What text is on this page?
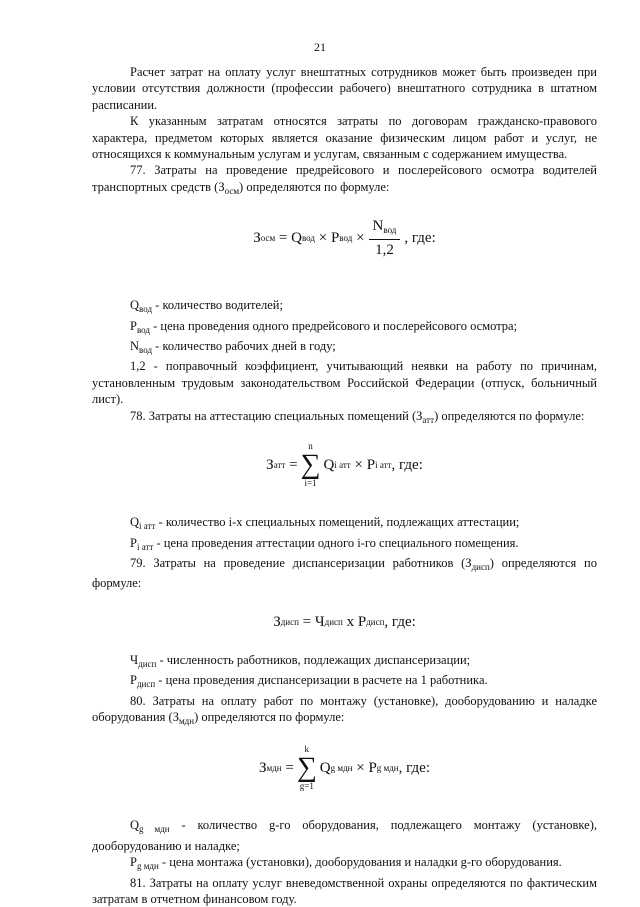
21

Расчет затрат на оплату услуг внештатных сотрудников может быть произведен при условии отсутствия должности (профессии рабочего) внештатного сотрудника в штатном расписании.

К указанным затратам относятся затраты по договорам гражданско-правового характера, предметом которых является оказание физическим лицом работ и услуг, не относящихся к коммунальным услугам и услугам, связанным с содержанием имущества.

77. Затраты на проведение предрейсового и послерейсового осмотра водителей транспортных средств $(З_{осм})$ определяются по формуле:

З осм
=
Q вод
×
P вод
× $\frac{N_{вод}}{1,2}$ , где:

$Q_{вод}$ - количество водителей;

$P_{вод}$ - цена проведения одного предрейсового и послерейсового осмотра;

$N_{вод}$ - количество рабочих дней в году;

1,2 - поправочный коэффициент, учитывающий неявки на работу по причинам, установленным трудовым законодательством Российской Федерации (отпуск, больничный лист).

78. Затраты на аттестацию специальных помещений $(З_{атт})$ определяются по формуле:

З атт
=
n
∑
i=1
Q i атт
×
P i атт , где:

$Q_{i атт}$ - количество i-х специальных помещений, подлежащих аттестации;

$P_{i атт}$ - цена проведения аттестации одного i-го специального помещения.

79. Затраты на проведение диспансеризации работников $(З_{дисп})$ определяются по формуле:

З дисп
=
Ч дисп
x
P дисп , где:

$Ч_{дисп}$ - численность работников, подлежащих диспансеризации;

$P_{дисп}$ - цена проведения диспансеризации в расчете на 1 работника.

80. Затраты на оплату работ по монтажу (установке), дооборудованию и наладке оборудования $(З_{мдн})$ определяются по формуле:

З мдн
=
k
∑
g=1
Q g мдн
×
P g мдн , где:

$Q_{g мдн}$ - количество g-го оборудования, подлежащего монтажу (установке), дооборудованию и наладке;

$P_{g мдн}$ - цена монтажа (установки), дооборудования и наладки g-го оборудования.

81. Затраты на оплату услуг вневедомственной охраны определяются по фактическим затратам в отчетном финансовом году.
